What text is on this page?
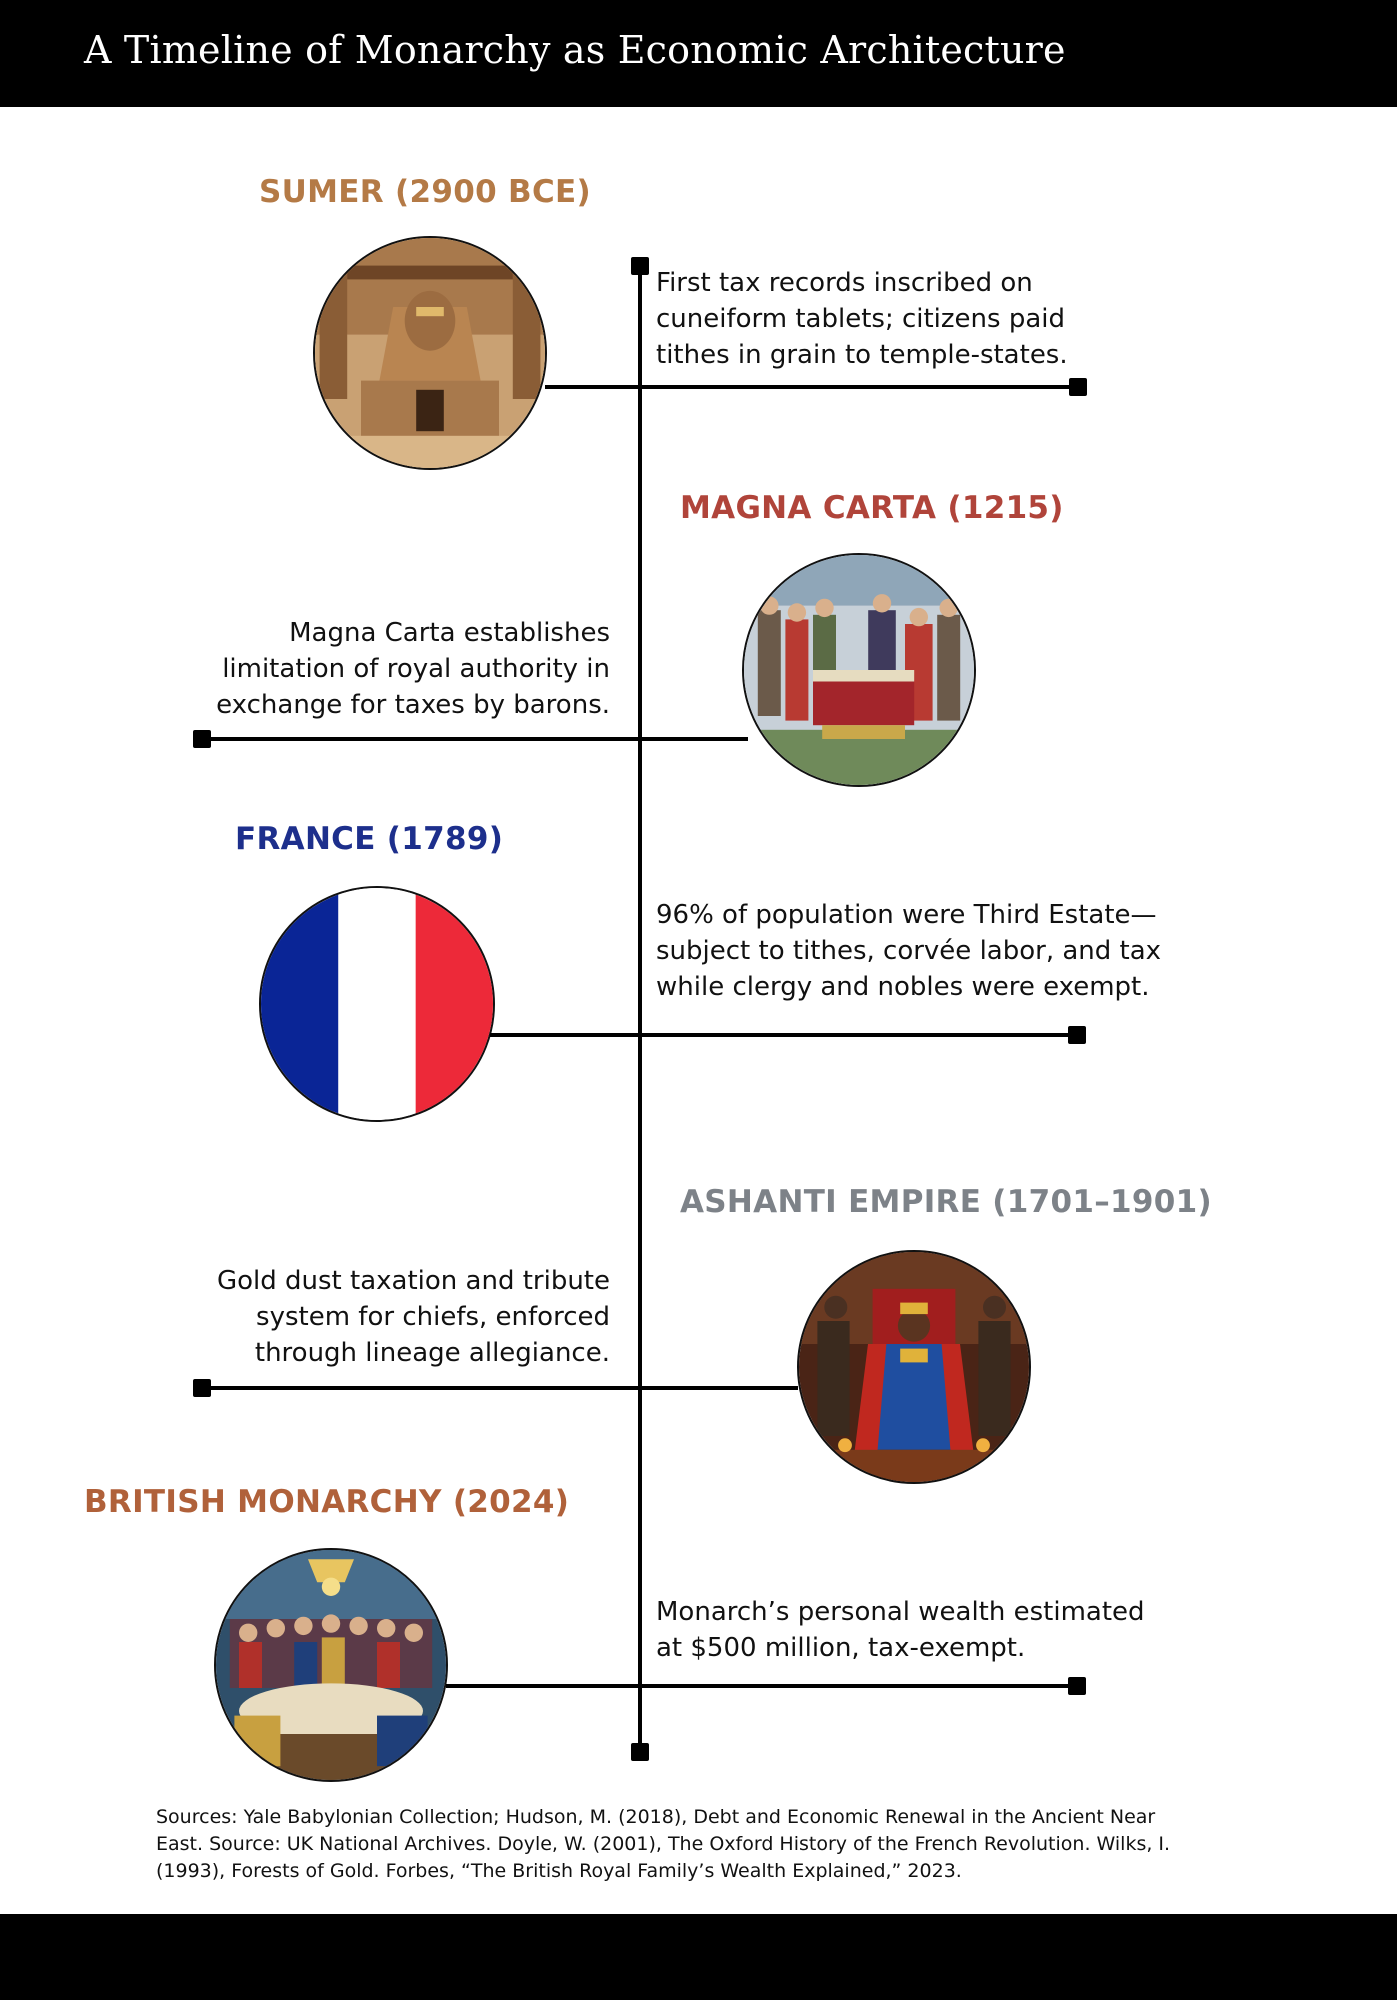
A Timeline of Monarchy as Economic Architecture
SUMER (2900 BCE)

First tax records inscribed on cuneiform tablets; citizens paid tithes in grain to temple-states.

MAGNA CARTA (1215)

Magna Carta establishes limitation of royal authority in exchange for taxes by barons.

FRANCE (1789)

96% of population were Third Estate—subject to tithes, corvée labor, and tax while clergy and nobles were exempt.

ASHANTI EMPIRE (1701–1901)

Gold dust taxation and tribute system for chiefs, enforced through lineage allegiance.

BRITISH MONARCHY (2024)

Monarch’s personal wealth estimated at $500 million, tax-exempt.

Sources: Yale Babylonian Collection; Hudson, M. (2018), Debt and Economic Renewal in the Ancient Near East. Source: UK National Archives. Doyle, W. (2001), The Oxford History of the French Revolution. Wilks, I. (1993), Forests of Gold. Forbes, “The British Royal Family’s Wealth Explained,” 2023.
